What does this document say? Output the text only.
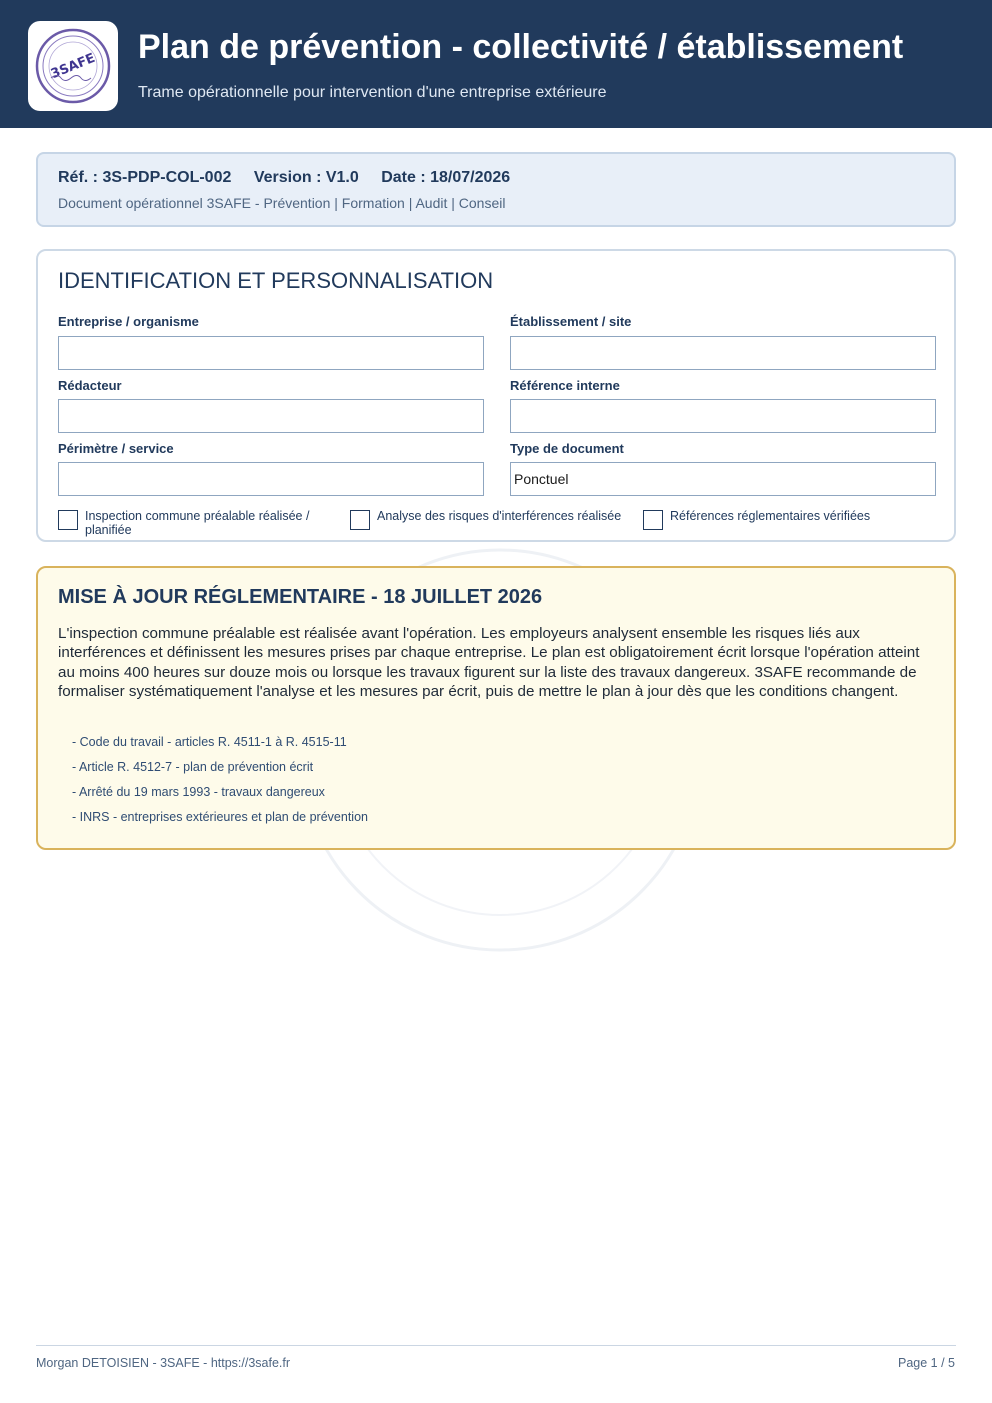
3SAFE
Plan de prévention - collectivité / établissement
Trame opérationnelle pour intervention d'une entreprise extérieure
Réf. : 3S-PDP-COL-002 Version : V1.0 Date : 18/07/2026
Document opérationnel 3SAFE - Prévention | Formation | Audit | Conseil
IDENTIFICATION ET PERSONNALISATION
Entreprise / organisme	Établissement / site
Rédacteur	Référence interne
Périmètre / service	Type de document
Ponctuel
Inspection commune préalable réalisée / planifiée
Analyse des risques d'interférences réalisée	Références réglementaires vérifiées
MISE À JOUR RÉGLEMENTAIRE - 18 JUILLET 2026
L'inspection commune préalable est réalisée avant l'opération. Les employeurs analysent ensemble les risques liés aux interférences et définissent les mesures prises par chaque entreprise. Le plan est obligatoirement écrit lorsque l'opération atteint au moins 400 heures sur douze mois ou lorsque les travaux figurent sur la liste des travaux dangereux. 3SAFE recommande de formaliser systématiquement l'analyse et les mesures par écrit, puis de mettre le plan à jour dès que les conditions changent.
- Code du travail - articles R. 4511-1 à R. 4515-11
- Article R. 4512-7 - plan de prévention écrit
- Arrêté du 19 mars 1993 - travaux dangereux
- INRS - entreprises extérieures et plan de prévention
Morgan DETOISIEN - 3SAFE - https://3safe.fr	Page 1 / 5
